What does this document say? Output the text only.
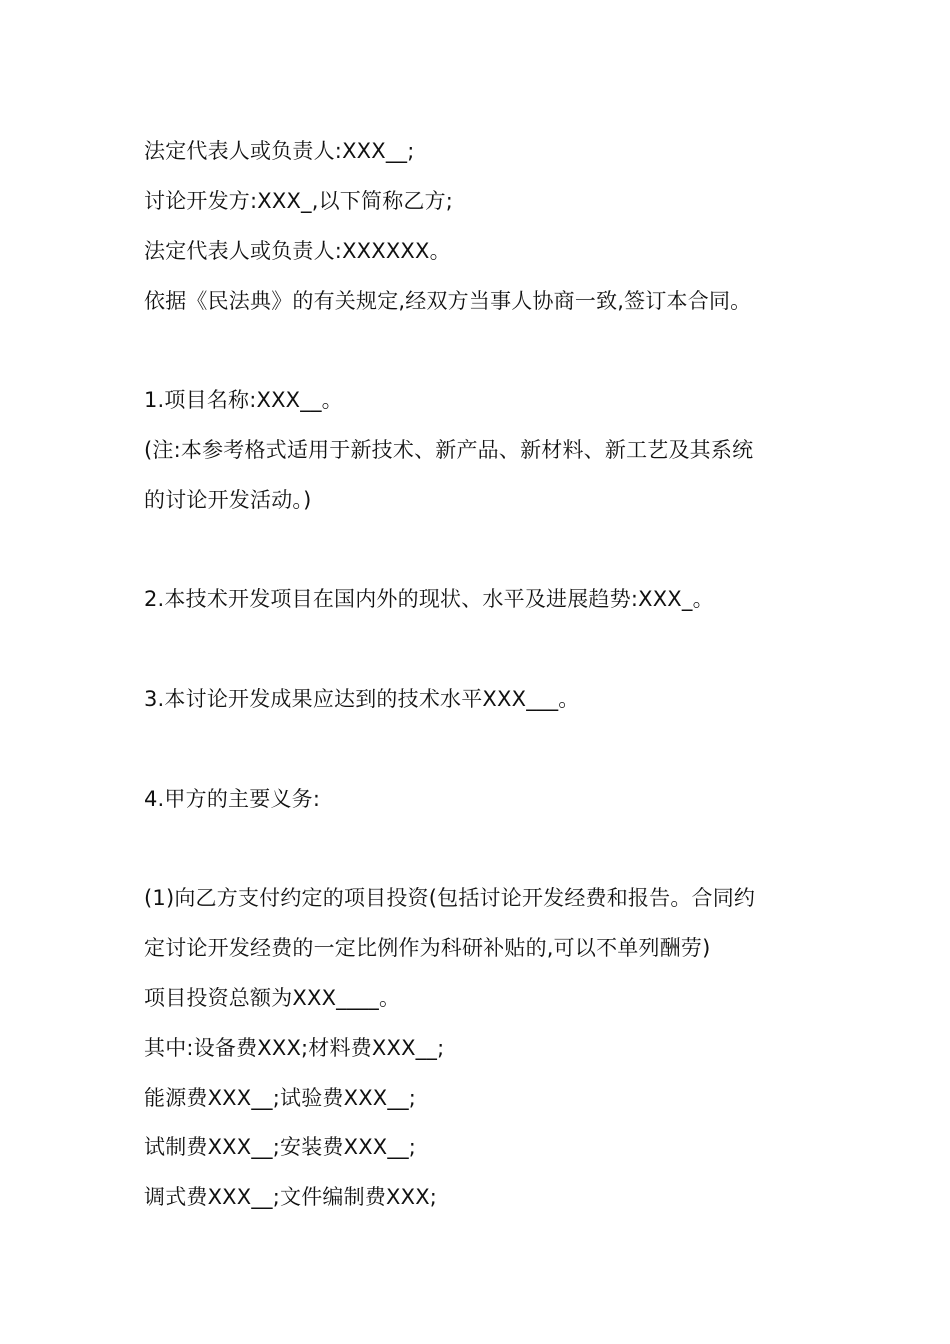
法定代表人或负责人:XXX__;
讨论开发方:XXX_,以下简称乙方;
法定代表人或负责人:XXXXXX。
依据《民法典》的有关规定,经双方当事人协商一致,签订本合同。
1.项目名称:XXX__。
(注:本参考格式适用于新技术、新产品、新材料、新工艺及其系统
的讨论开发活动。)
2.本技术开发项目在国内外的现状、水平及进展趋势:XXX_。
3.本讨论开发成果应达到的技术水平XXX___。
4.甲方的主要义务:
(1)向乙方支付约定的项目投资(包括讨论开发经费和报告。合同约
定讨论开发经费的一定比例作为科研补贴的,可以不单列酬劳)
项目投资总额为XXX____。
其中:设备费XXX;材料费XXX__;
能源费XXX__;试验费XXX__;
试制费XXX__;安装费XXX__;
调式费XXX__;文件编制费XXX;
